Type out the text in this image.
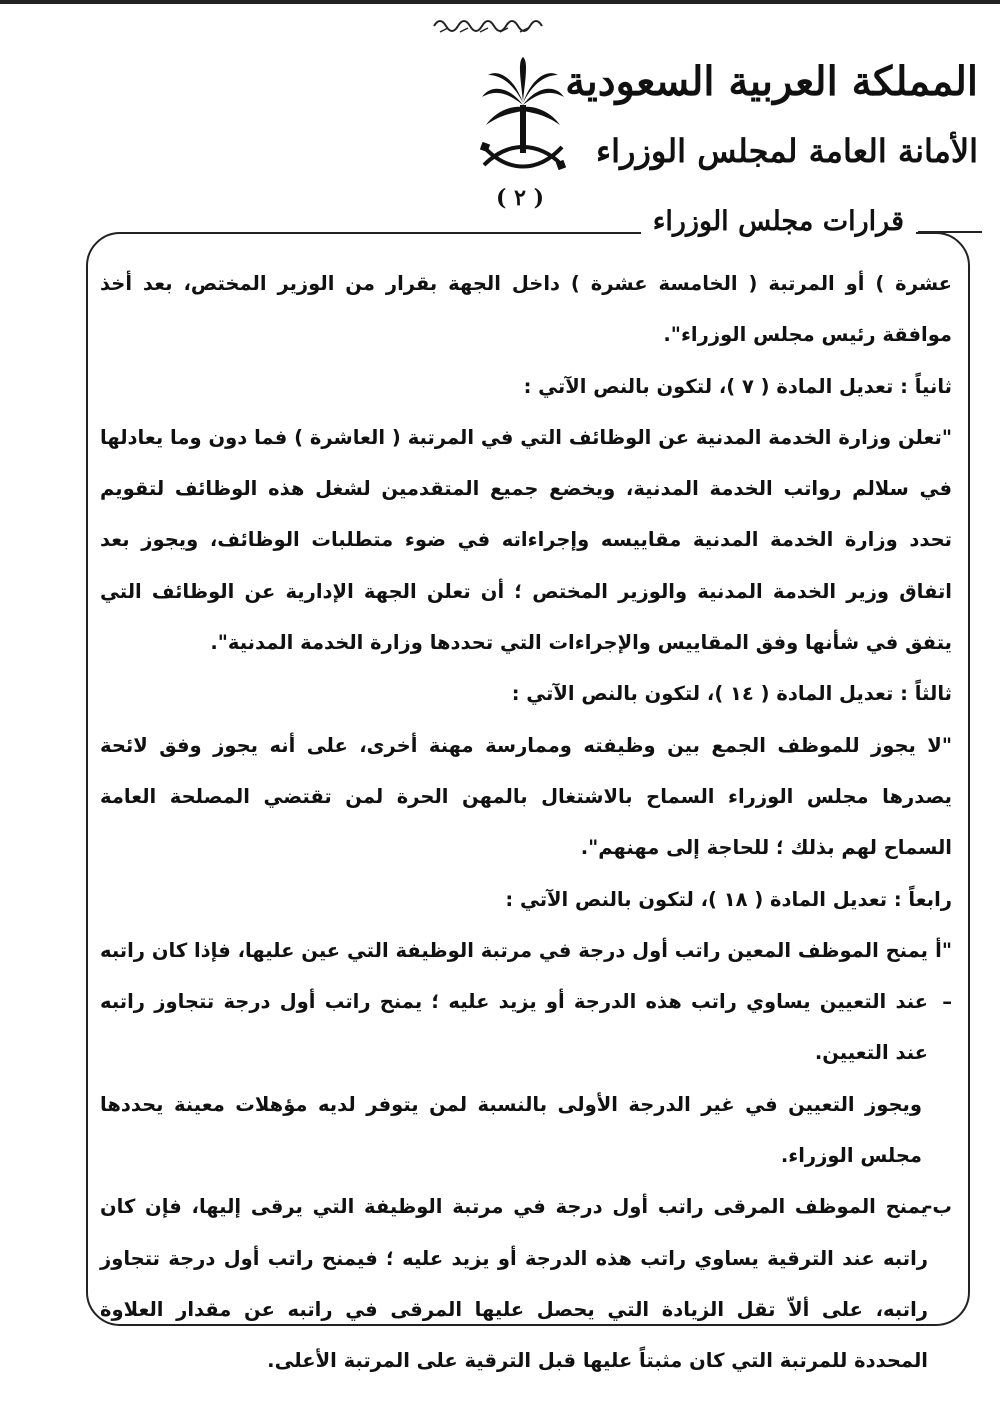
( ٢ )
المملكة العربية السعودية
الأمانة العامة لمجلس الوزراء
قرارات مجلس الوزراء

عشرة ) أو المرتبة ( الخامسة عشرة ) داخل الجهة بقرار من الوزير المختص، بعد أخذ موافقة رئيس مجلس الوزراء".

ثانياً : تعديل المادة ( ٧ )، لتكون بالنص الآتي :

"تعلن وزارة الخدمة المدنية عن الوظائف التي في المرتبة ( العاشرة ) فما دون وما يعادلها في سلالم رواتب الخدمة المدنية، ويخضع جميع المتقدمين لشغل هذه الوظائف لتقويم تحدد وزارة الخدمة المدنية مقاييسه وإجراءاته في ضوء متطلبات الوظائف، ويجوز بعد اتفاق وزير الخدمة المدنية والوزير المختص ؛ أن تعلن الجهة الإدارية عن الوظائف التي يتفق في شأنها وفق المقاييس والإجراءات التي تحددها وزارة الخدمة المدنية".

ثالثاً : تعديل المادة ( ١٤ )، لتكون بالنص الآتي :

"لا يجوز للموظف الجمع بين وظيفته وممارسة مهنة أخرى، على أنه يجوز وفق لائحة يصدرها مجلس الوزراء السماح بالاشتغال بالمهن الحرة لمن تقتضي المصلحة العامة السماح لهم بذلك ؛ للحاجة إلى مهنهم".

رابعاً : تعديل المادة ( ١٨ )، لتكون بالنص الآتي :

"أ –
يمنح الموظف المعين راتب أول درجة في مرتبة الوظيفة التي عين عليها، فإذا كان راتبه عند التعيين يساوي راتب هذه الدرجة أو يزيد عليه ؛ يمنح راتب أول درجة تتجاوز راتبه عند التعيين.

ويجوز التعيين في غير الدرجة الأولى بالنسبة لمن يتوفر لديه مؤهلات معينة يحددها مجلس الوزراء.

ب-
يمنح الموظف المرقى راتب أول درجة في مرتبة الوظيفة التي يرقى إليها، فإن كان راتبه عند الترقية يساوي راتب هذه الدرجة أو يزيد عليه ؛ فيمنح راتب أول درجة تتجاوز راتبه، على ألاّ تقل الزيادة التي يحصل عليها المرقى في راتبه عن مقدار العلاوة المحددة للمرتبة التي كان مثبتاً عليها قبل الترقية على المرتبة الأعلى.
